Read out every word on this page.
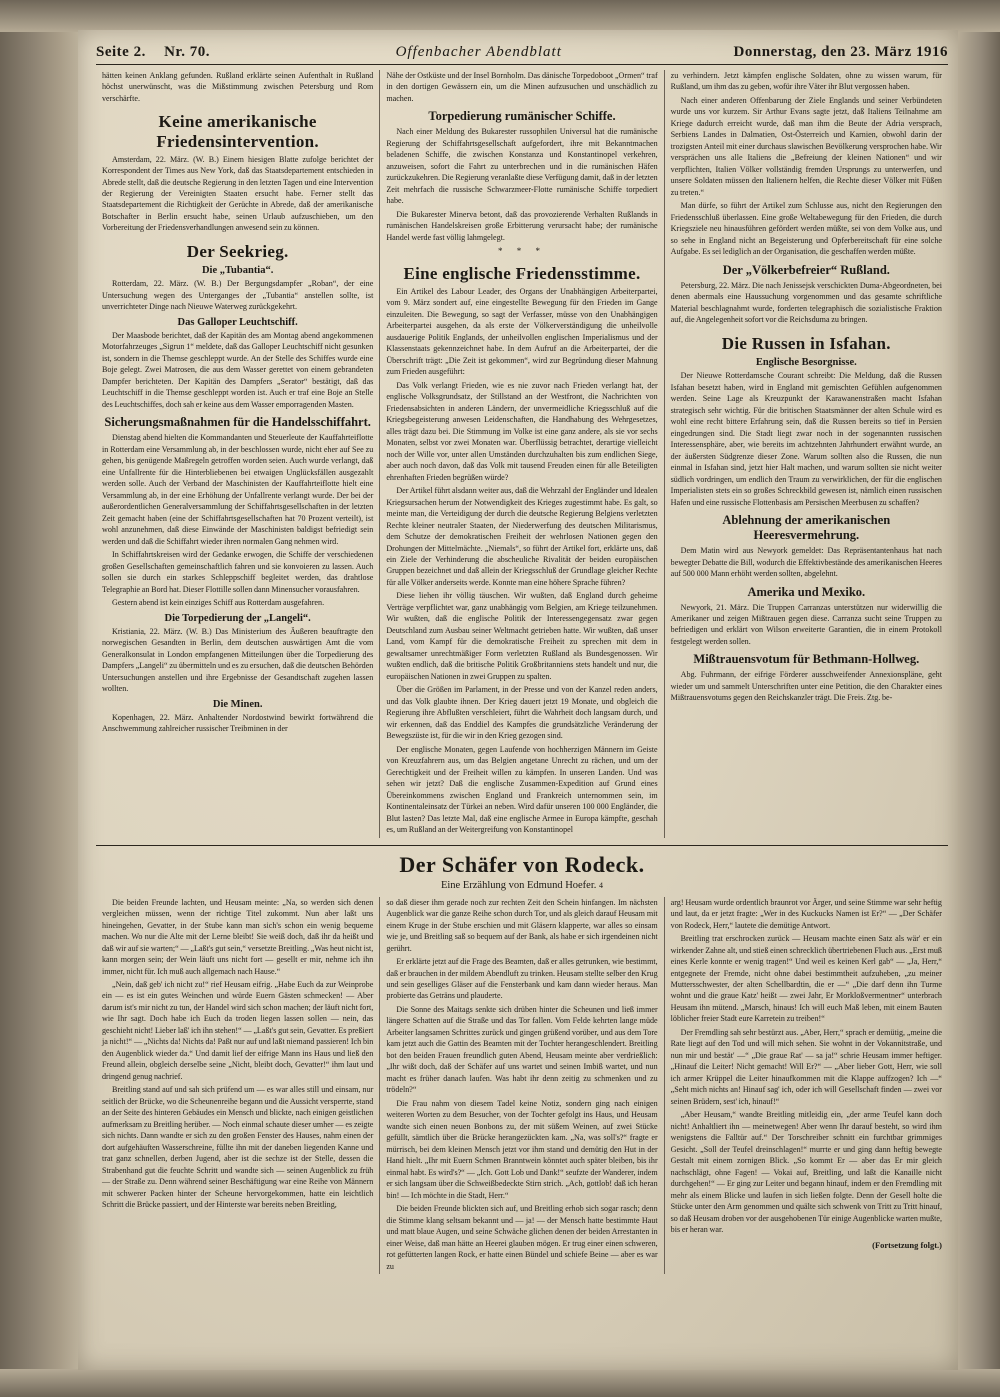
Seite 2. Nr. 70.	Offenbacher Abendblatt	Donnerstag, den 23. März 1916

hätten keinen Anklang gefunden. Rußland erklärte seinen Aufenthalt in Rußland höchst unerwünscht, was die Mißstimmung zwischen Petersburg und Rom verschärfte.

Keine amerikanische Friedensintervention.

Amsterdam, 22. März. (W. B.) Einem hiesigen Blatte zufolge berichtet der Korrespondent der Times aus New York, daß das Staatsdepartement entschieden in Abrede stellt, daß die deutsche Regierung in den letzten Tagen und eine Intervention der Regierung der Vereinigten Staaten ersucht habe. Ferner stellt das Staatsdepartement die Richtigkeit der Gerüchte in Abrede, daß der amerikanische Botschafter in Berlin ersucht habe, seinen Urlaub aufzuschieben, um den Vorbereitung der Friedensverhandlungen anwesend sein zu können.

Der Seekrieg.
Die „Tubantia“.

Rotterdam, 22. März. (W. B.) Der Bergungsdampfer „Roban“, der eine Untersuchung wegen des Unterganges der „Tubantia“ anstellen sollte, ist unverrichteter Dinge nach Nieuwe Waterweg zurückgekehrt.

Das Galloper Leuchtschiff.

Der Maasbode berichtet, daß der Kapitän des am Montag abend angekommenen Motorfahrzeuges „Sigrun 1“ meldete, daß das Galloper Leuchtschiff nicht gesunken ist, sondern in die Themse geschleppt wurde. An der Stelle des Schiffes wurde eine Boje gelegt. Zwei Matrosen, die aus dem Wasser gerettet von einem gebrandeten Dampfer berichteten. Der Kapitän des Dampfers „Serator“ bestätigt, daß das Leuchtschiff in die Themse geschleppt worden ist. Auch er traf eine Boje an Stelle des Leuchtschiffes, doch sah er keine aus dem Wasser emporragenden Masten.

Sicherungsmaßnahmen für die Handelsschiffahrt.

Dienstag abend hielten die Kommandanten und Steuerleute der Kauffahrteiflotte in Rotterdam eine Versammlung ab, in der beschlossen wurde, nicht eher auf See zu gehen, bis genügende Maßregeln getroffen worden seien. Auch wurde verlangt, daß eine Unfallrente für die Hinterbliebenen bei etwaigen Unglücksfällen ausgezahlt werden solle. Auch der Verband der Maschinisten der Kauffahrteiflotte hielt eine Versammlung ab, in der eine Erhöhung der Unfallrente verlangt wurde. Der bei der außerordentlichen Generalversammlung der Schiffahrtsgesellschaften in der letzten Zeit gemacht haben (eine der Schiffahrtsgesellschaften hat 70 Prozent verteilt), ist wohl anzunehmen, daß diese Einwände der Maschinisten baldigst befriedigt sein werden und daß die Schiffahrt wieder ihren normalen Gang nehmen wird.

In Schiffahrtskreisen wird der Gedanke erwogen, die Schiffe der verschiedenen großen Gesellschaften gemeinschaftlich fahren und sie konvoieren zu lassen. Auch sollen sie durch ein starkes Schleppschiff begleitet werden, das drahtlose Telegraphie an Bord hat. Dieser Flottille sollen dann Minensucher vorausfahren.

Gestern abend ist kein einziges Schiff aus Rotterdam ausgefahren.

Die Torpedierung der „Langeli“.

Kristiania, 22. März. (W. B.) Das Ministerium des Äußeren beauftragte den norwegischen Gesandten in Berlin, dem deutschen auswärtigen Amt die vom Generalkonsulat in London empfangenen Mitteilungen über die Torpedierung des Dampfers „Langeli“ zu übermitteln und es zu ersuchen, daß die deutschen Behörden Untersuchungen anstellen und ihre Ergebnisse der Gesandtschaft zugehen lassen wollten.

Die Minen.

Kopenhagen, 22. März. Anhaltender Nordostwind bewirkt fortwährend die Anschwemmung zahlreicher russischer Treibminen in der

Nähe der Ostküste und der Insel Bornholm. Das dänische Torpedoboot „Ormen“ traf in den dortigen Gewässern ein, um die Minen aufzusuchen und unschädlich zu machen.

Torpedierung rumänischer Schiffe.

Nach einer Meldung des Bukarester russophilen Universul hat die rumänische Regierung der Schiffahrtsgesellschaft aufgefordert, ihre mit Bekanntmachen beladenen Schiffe, die zwischen Konstanza und Konstantinopel verkehren, anzuweisen, sofort die Fahrt zu unterbrechen und in die rumänischen Häfen zurückzukehren. Die Regierung veranlaßte diese Verfügung damit, daß in der letzten Zeit mehrfach die russische Schwarzmeer-Flotte rumänische Schiffe torpediert habe.

Die Bukarester Minerva betont, daß das provozierende Verhalten Rußlands in rumänischen Handelskreisen große Erbitterung verursacht habe; der rumänische Handel werde fast völlig lahmgelegt.

* * *
Eine englische Friedensstimme.

Ein Artikel des Labour Leader, des Organs der Unabhängigen Arbeiterpartei, vom 9. März sondert auf, eine eingestellte Bewegung für den Frieden im Gange einzuleiten. Die Bewegung, so sagt der Verfasser, müsse von den Unabhängigen Arbeiterpartei ausgehen, da als erste der Völkerverständigung die unheilvolle ausdauerige Politik Englands, der unheilvollen englischen Imperialismus und der Klassenstaats gekennzeichnet habe. In dem Aufruf an die Arbeiterpartei, der die Überschrift trägt: „Die Zeit ist gekommen“, wird zur Begründung dieser Mahnung zum Frieden ausgeführt:

Das Volk verlangt Frieden, wie es nie zuvor nach Frieden verlangt hat, der englische Volksgrundsatz, der Stillstand an der Westfront, die Nachrichten von Friedensabsichten in anderen Ländern, der unvermeidliche Kriegsschluß auf die Kriegsbegeisterung anwesen Leidenschaften, die Handhabung des Wehrgesetzes, alles trägt dazu bei. Die Stimmung im Volke ist eine ganz andere, als sie vor sechs Monaten, selbst vor zwei Monaten war. Überflüssig betrachtet, derartige vielleicht noch der Wille vor, unter allen Umständen durchzuhalten bis zum endlichen Siege, aber auch noch davon, daß das Volk mit tausend Freuden einen für alle Beteiligten ehrenhaften Frieden begrüßen würde?

Der Artikel führt alsdann weiter aus, daß die Wehrzahl der Engländer und Idealen Kriegsursachen herum der Notwendigkeit des Krieges zugestimmt habe. Es galt, so meinte man, die Verteidigung der durch die deutsche Regierung Belgiens verletzten Rechte kleiner neutraler Staaten, der Niederwerfung des deutschen Militarismus, dem Schutze der demokratischen Freiheit der wehrlosen Nationen gegen den Drohungen der Mittelmächte. „Niemals“, so führt der Artikel fort, erklärte uns, daß ein Ziele der Verhinderung die abscheuliche Rivalität der beiden europäischen Gruppen bezeichnet und daß allein der Kriegsschluß der Grundlage gleicher Rechte für alle Völker anderseits werde. Konnte man eine höhere Sprache führen?

Diese liehen ihr völlig täuschen. Wir wußten, daß England durch geheime Verträge verpflichtet war, ganz unabhängig vom Belgien, am Kriege teilzunehmen. Wir wußten, daß die englische Politik der Interessengegensatz zwar gegen Deutschland zum Ausbau seiner Weltmacht getrieben hatte. Wir wußten, daß unser Land, vom Kampf für die demokratische Freiheit zu sprechen mit dem in gewaltsamer unrechtmäßiger Form verletzten Rußland als Bundesgenossen. Wir wußten endlich, daß die britische Politik Großbritanniens stets handelt und nur, die europäischen Nationen in zwei Gruppen zu spalten.

Über die Größen im Parlament, in der Presse und von der Kanzel reden anders, und das Volk glaubte ihnen. Der Krieg dauert jetzt 19 Monate, und obgleich die Regierung ihre Abflußten verschleiert, führt die Wahrheit doch langsam durch, und wir erkennen, daß das Enddiel des Kampfes die grundsätzliche Veränderung der Bewegszüste ist, für die wir in den Krieg gezogen sind.

Der englische Monaten, gegen Laufende von hochherzigen Männern im Geiste von Kreuzfahrern aus, um das Belgien angetane Unrecht zu rächen, und um der Gerechtigkeit und der Freiheit willen zu kämpfen. In unseren Landen. Und was sehen wir jetzt? Daß die englische Zusammen-Expedition auf Grund eines Übereinkommens zwischen England und Frankreich unternommen sein, im Kontinentaleinsatz der Türkei an neben. Wird dafür unseren 100 000 Engländer, die Blut lasten? Das letzte Mal, daß eine englische Armee in Europa kämpfte, geschah es, um Rußland an der Weitergreifung von Konstantinopel

zu verhindern. Jetzt kämpfen englische Soldaten, ohne zu wissen warum, für Rußland, um ihm das zu geben, wofür ihre Väter ihr Blut vergossen haben.

Nach einer anderen Offenbarung der Ziele Englands und seiner Verbündeten wurde uns vor kurzem. Sir Arthur Evans sagte jetzt, daß Italiens Teilnahme am Kriege dadurch erreicht wurde, daß man ihm die Beute der Adria versprach, Serbiens Landes in Dalmatien, Ost-Österreich und Karnien, obwohl darin der trozigsten Anteil mit einer durchaus slawischen Bevölkerung versprochen habe. Wir versprächen uns alle Italiens die „Befreiung der kleinen Nationen“ und wir verpflichten, Italien Völker vollständig fremden Ursprungs zu unterwerfen, und unsere Soldaten müssen den Italienern helfen, die Rechte dieser Völker mit Füßen zu treten.“

Man dürfe, so führt der Artikel zum Schlusse aus, nicht den Regierungen den Friedensschluß überlassen. Eine große Weltabewegung für den Frieden, die durch Kriegsziele neu hinausführen gefördert werden müßte, sei von dem Volke aus, und so sehe in England nicht an Begeisterung und Opferbereitschaft für eine solche Aufgabe. Es sei lediglich an der Organisation, die geschaffen werden müßte.

Der „Völkerbefreier“ Rußland.

Petersburg, 22. März. Die nach Jenissejsk verschickten Duma-Abgeordneten, bei denen abermals eine Haussuchung vorgenommen und das gesamte schriftliche Material beschlagnahmt wurde, forderten telegraphisch die sozialistische Fraktion auf, die Angelegenheit sofort vor die Reichsduma zu bringen.

Die Russen in Isfahan.
Englische Besorgnisse.

Der Nieuwe Rotterdamsche Courant schreibt: Die Meldung, daß die Russen Isfahan besetzt haben, wird in England mit gemischten Gefühlen aufgenommen werden. Seine Lage als Kreuzpunkt der Karawanenstraßen macht Isfahan strategisch sehr wichtig. Für die britischen Staatsmänner der alten Schule wird es wohl eine recht bittere Erfahrung sein, daß die Russen bereits so tief in Persien eingedrungen sind. Die Stadt liegt zwar noch in der sogenannten russischen Interessensphäre, aber, wie bereits im achtzehnten Jahrhundert erwähnt wurde, an der äußersten Südgrenze dieser Zone. Warum sollten also die Russen, die nun einmal in Isfahan sind, jetzt hier Halt machen, und warum sollten sie nicht weiter südlich vordringen, um endlich den Traum zu verwirklichen, der für die englischen Imperialisten stets ein so großes Schreckbild gewesen ist, nämlich einen russischen Hafen und eine russische Flottenbasis am Persischen Meerbusen zu schaffen?

Ablehnung der amerikanischen Heeresvermehrung.

Dem Matin wird aus Newyork gemeldet: Das Repräsentantenhaus hat nach bewegter Debatte die Bill, wodurch die Effektivbestände des amerikanischen Heeres auf 500 000 Mann erhöht werden sollten, abgelehnt.

Amerika und Mexiko.

Newyork, 21. März. Die Truppen Carranzas unterstützen nur widerwillig die Amerikaner und zeigen Mißtrauen gegen diese. Carranza sucht seine Truppen zu befriedigen und erklärt von Wilson erweiterte Garantien, die in einem Protokoll festgelegt werden sollen.

Mißtrauensvotum für Bethmann-Hollweg.

Abg. Fuhrmann, der eifrige Förderer ausschweifender Annexionspläne, geht wieder um und sammelt Unterschriften unter eine Petition, die den Charakter eines Mißtrauensvotums gegen den Reichskanzler trägt. Die Freis. Ztg. be-

Der Schäfer von Rodeck.
Eine Erzählung von Edmund Hoefer. 4

Die beiden Freunde lachten, und Heusam meinte: „Na, so werden sich denen vergleichen müssen, wenn der richtige Titel zukommt. Nun aber laßt uns hineingehen, Gevatter, in der Stube kann man sich's schon ein wenig bequeme machen. Wo nur die Alte mit der Lerne bleibt! Sie weiß doch, daß ihr da heißt und daß wir auf sie warten;“ — „Laßt's gut sein,“ versetzte Breitling. „Was heut nicht ist, kann morgen sein; der Wein läuft uns nicht fort — gesellt er mir, nehme ich ihn immer, nicht für. Ich muß auch allgemach nach Hause.“

„Nein, daß geb' ich nicht zu!“ rief Heusam eifrig. „Habe Euch da zur Weinprobe ein — es ist ein gutes Weinchen und würde Euern Gästen schmecken! — Aber darum ist's mir nicht zu tun, der Handel wird sich schon machen; der läuft nicht fort, wie Ihr sagt. Doch habe ich Euch da troden liegen lassen sollen — nein, das geschieht nicht! Lieber laß' ich ihn stehen!“ — „Laßt's gut sein, Gevatter. Es preßiert ja nicht!“ — „Nichts da! Nichts da! Paßt nur auf und laßt niemand passieren! Ich bin den Augenblick wieder da.“ Und damit lief der eifrige Mann ins Haus und ließ den Freund allein, obgleich derselbe seine „Nicht, bleibt doch, Gevatter!“ ihm laut und dringend genug nachrief.

Breitling stand auf und sah sich prüfend um — es war alles still und einsam, nur seitlich der Brücke, wo die Scheunenreihe begann und die Aussicht versperrte, stand an der Seite des hinteren Gebäudes ein Mensch und blickte, nach einigen geistlichen aufmerksam zu Breitling herüber. — Noch einmal schaute dieser umher — es zeigte sich nichts. Dann wandte er sich zu den großen Fenster des Hauses, nahm einen der dort aufgehäuften Wasserschreine, füllte ihn mit der daneben liegenden Kanne und trat ganz schnellen, derben Jugend, aber ist die sechze ist der Stelle, dessen die Strabenhand gut die feuchte Schritt und wandte sich — seinen Augenblick zu früh — der Straße zu. Denn während seiner Beschäftigung war eine Reihe von Männern mit schwerer Packen hinter der Scheune hervorgekommen, hatte ein leichtlich Schritt die Brücke passiert, und der Hinterste war bereits neben Breitling,

so daß dieser ihm gerade noch zur rechten Zeit den Schein hinfangen. Im nächsten Augenblick war die ganze Reihe schon durch Tor, und als gleich darauf Heusam mit einem Kruge in der Stube erschien und mit Gläsern klapperte, war alles so einsam wie je, und Breitling saß so bequem auf der Bank, als habe er sich irgendeinen nicht gerührt.

Er erklärte jetzt auf die Frage des Beamten, daß er alles getrunken, wie bestimmt, daß er brauchen in der mildem Abendluft zu trinken. Heusam stellte selber den Krug und sein geselliges Gläser auf die Fensterbank und kam dann wieder heraus. Man probierte das Geträns und plauderte.

Die Sonne des Maitags senkte sich drüben hinter die Scheunen und ließ immer längere Schatten auf die Straße und das Tor fallen. Vom Felde kehrten lange müde Arbeiter langsamen Schrittes zurück und gingen grüßend vorüber, und aus dem Tore kam jetzt auch die Gattin des Beamten mit der Tochter herangeschlendert. Breitling bot den beiden Frauen freundlich guten Abend, Heusam meinte aber verdrießlich: „Ihr wißt doch, daß der Schäfer auf uns wartet und seinen Imbiß wartet, und nun macht es früher danach laufen. Was habt ihr denn zeitig zu schmenken und zu trödeln?“

Die Frau nahm von diesem Tadel keine Notiz, sondern ging nach einigen weiteren Worten zu dem Besucher, von der Tochter gefolgt ins Haus, und Heusam wandte sich einen neuen Bonbons zu, der mit süßem Weinen, auf zwei Stücke gefüllt, sämtlich über die Brücke herangezückten kam. „Na, was soll's?“ fragte er mürrisch, bei dem kleinen Mensch jetzt vor ihm stand und demütig den Hut in der Hand hielt. „Ihr mit Euern Schmen Branntwein könntet auch später bleiben, bis ihr einmal habt. Es wird's?“ — „Ich. Gott Lob und Dank!“ seufzte der Wanderer, indem er sich langsam über die Schweißbedeckte Stirn strich. „Ach, gottlob! daß ich heran bin! — Ich möchte in die Stadt, Herr.“

Die beiden Freunde blickten sich auf, und Breitling erhob sich sogar rasch; denn die Stimme klang seltsam bekannt und — ja! — der Mensch hatte bestimmte Haut und matt blaue Augen, und seine Schwäche glichen denen der beiden Arrestanten in einer Weise, daß man hätte an Heerei glauben mögen. Er trug einer einen schweren, rot gefütterten langen Rock, er hatte einen Bündel und schiefe Beine — aber es war zu

arg! Heusam wurde ordentlich braunrot vor Ärger, und seine Stimme war sehr heftig und laut, da er jetzt fragte: „Wer in des Kuckucks Namen ist Er?“ — „Der Schäfer von Rodeck, Herr,“ lautete die demütige Antwort.

Breitling trat erschrocken zurück — Heusam machte einen Satz als wär' er ein wirkender Zahne alt, und stieß einen schrecklich übertriebenen Fluch aus. „Erst muß eines Kerle konnte er wenig tragen!“ Und weil es keinen Kerl gab“ — „Ja, Herr,“ entgegnete der Fremde, nicht ohne dabei bestimmtheit aufzuheben, „zu meiner Muttersschwester, der alten Schellbardtin, die er —“ „Die darf denn ihn Turme wohnt und die graue Katz' heißt — zwei Jahr, Er Morkloßvermentner“ unterbrach Heusam ihn mütend. „Marsch, hinaus! Ich will euch Maß leben, mit einem Bauten löblicher freier Stadt eure Karretein zu treiben!“

Der Fremdling sah sehr bestürzt aus. „Aber, Herr,“ sprach er demütig, „meine die Rate liegt auf den Tod und will mich sehen. Sie wohnt in der Vokannitstraße, und nun mir und bestät' —“ „Die graue Rat' — sa ja!“ schrie Heusam immer heftiger. „Hinauf die Leiter! Nicht gemacht! Will Er?“ — „Aber lieber Gott, Herr, wie soll ich armer Krüppel die Leiter hinaufkommen mit die Klappe auffzogen? Ich —“ „Seht mich nichts an! Hinauf sag' ich, oder ich will Gesellschaft finden — zwei vor seinen Brüdern, sest' ich, hinauf!“

„Aber Heusam,“ wandte Breitling mitleidig ein, „der arme Teufel kann doch nicht! Anhaltliert ihn — meinetwegen! Aber wenn Ihr darauf besteht, so wird ihm wenigstens die Falltür auf.“ Der Torschreiber schnitt ein furchtbar grimmiges Gesicht. „Soll der Teufel dreinschlagen!“ murrte er und ging dann heftig bewegte Gestalt mit einem zornigen Blick. „So kommt Er — aber das Er mir gleich nachschlägt, ohne Fagen! — Vokai auf, Breitling, und laßt die Kanaille nicht durchgehen!“ — Er ging zur Leiter und begann hinauf, indem er den Fremdling mit mehr als einem Blicke und laufen in sich ließen folgte. Denn der Gesell holte die Stücke unter den Arm genommen und quälte sich schwenk von Tritt zu Tritt hinauf, so daß Heusam droben vor der ausgehobenen Tür einige Augenblicke warten mußte, bis er heran war.

(Fortsetzung folgt.)
